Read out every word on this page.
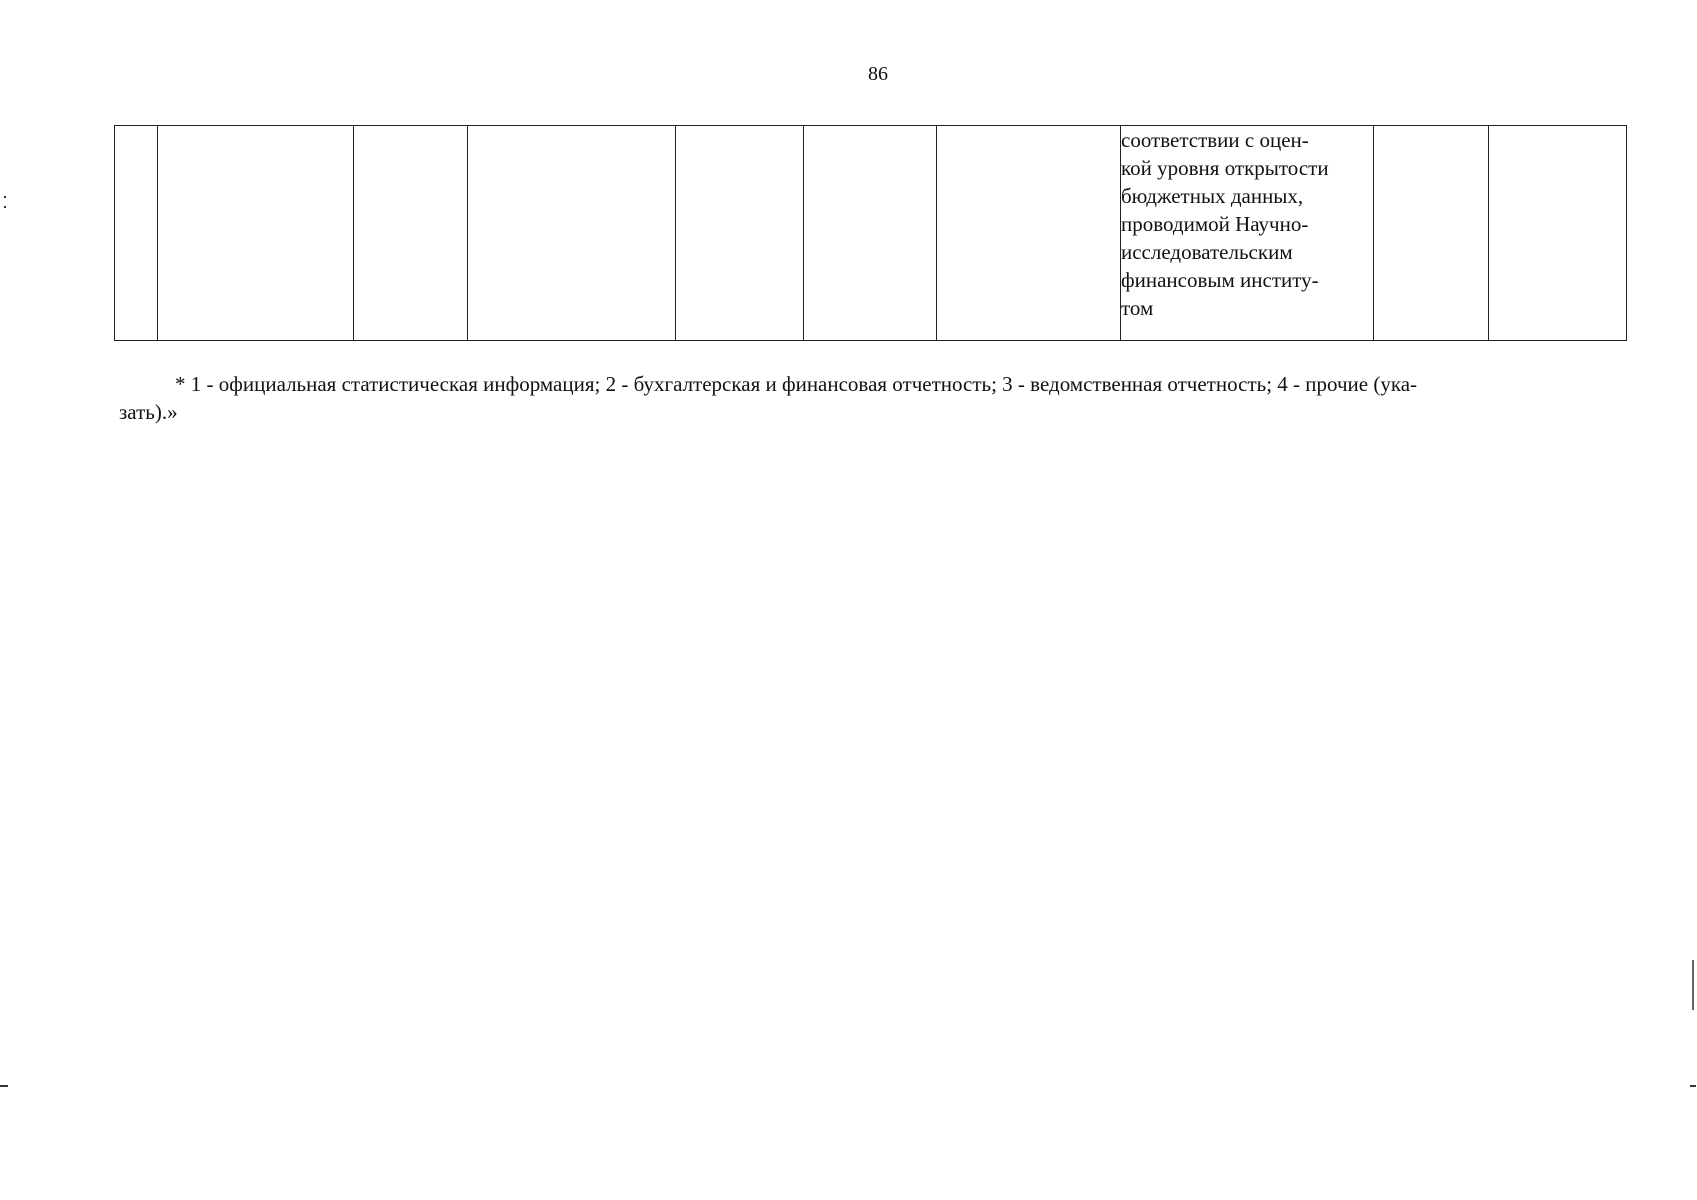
86

соответствии с оцен-
кой уровня открытости
бюджетных данных,
проводимой Научно-
исследовательским
финансовым институ-
том

* 1 - официальная статистическая информация; 2 - бухгалтерская и финансовая отчетность; 3 - ведомственная отчетность; 4 - прочие (ука-
зать).»
